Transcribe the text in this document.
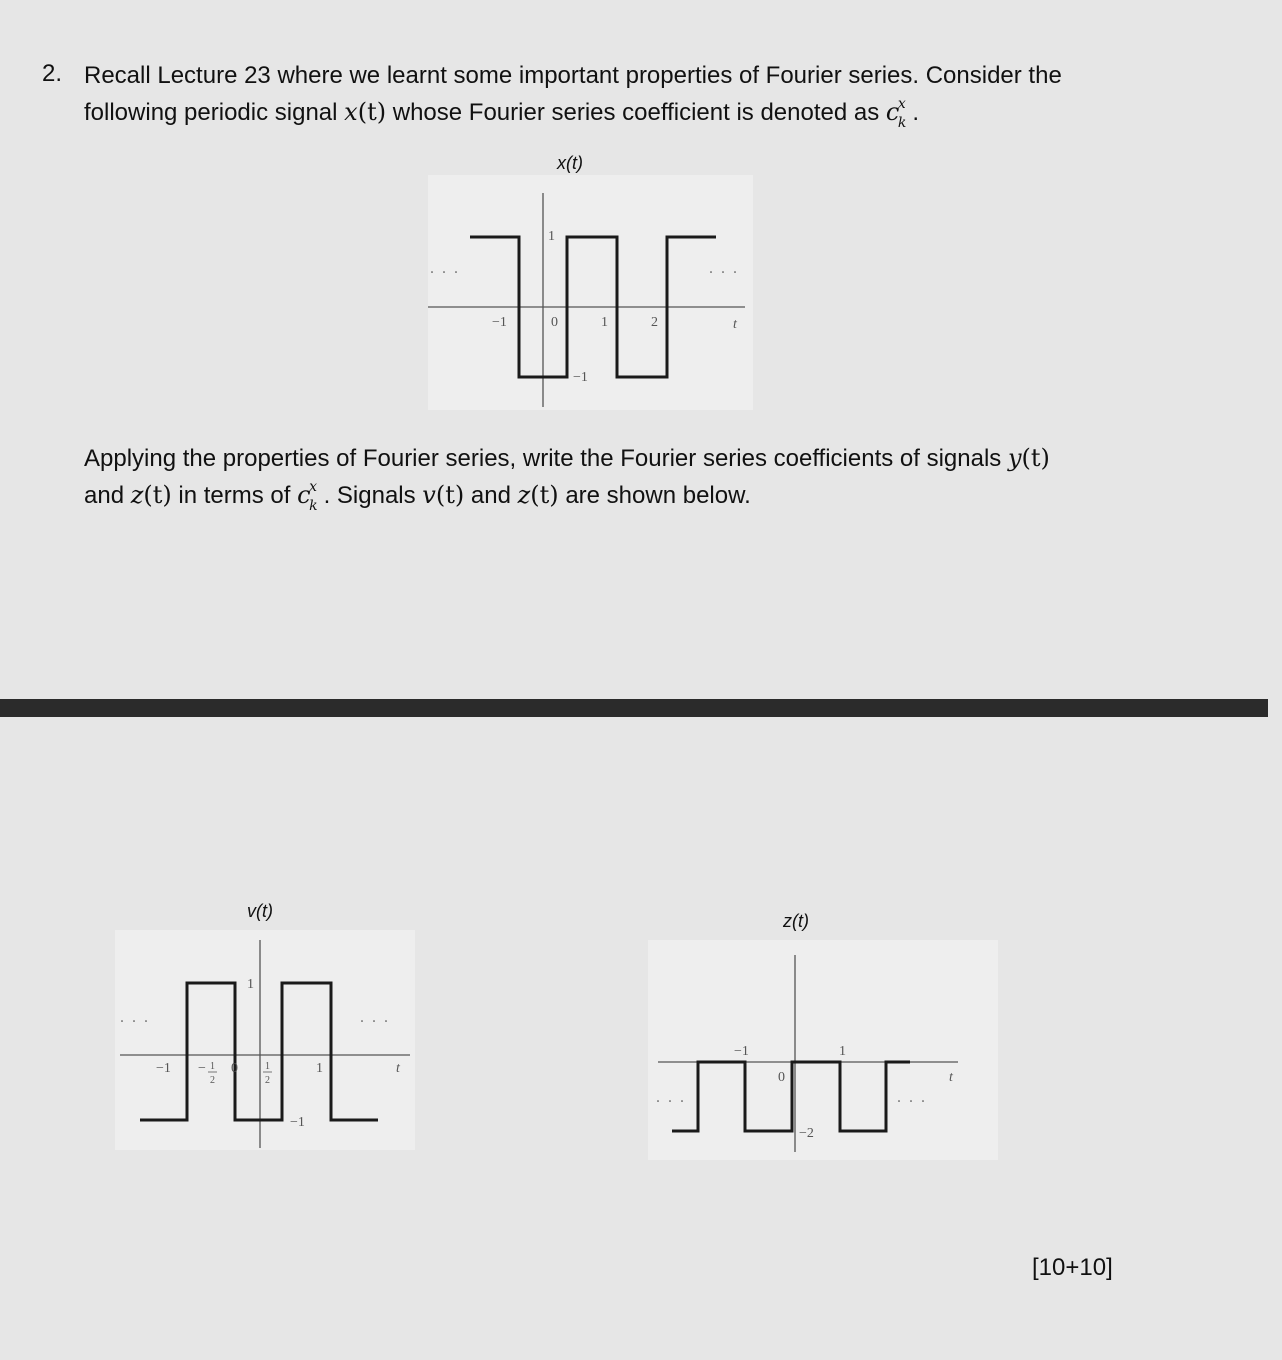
2. Recall Lecture 23 where we learnt some important properties of Fourier series. Consider the
following periodic signal x(t) whose Fourier series coefficient is denoted as c
x
k .
x(t)
1
−1
−1	0	1	2	t
. . .	. . .
Applying the properties of Fourier series, write the Fourier series coefficients of signals y(t)
and z(t) in terms of c
x
k . Signals v(t) and z(t) are shown below.
v(t)
1
−1
−1 − 1
2
0	1
2
1	t
. . .	. . .
z(t)
−1
0
1
t
−2
. . .	. . .
[10+10]
